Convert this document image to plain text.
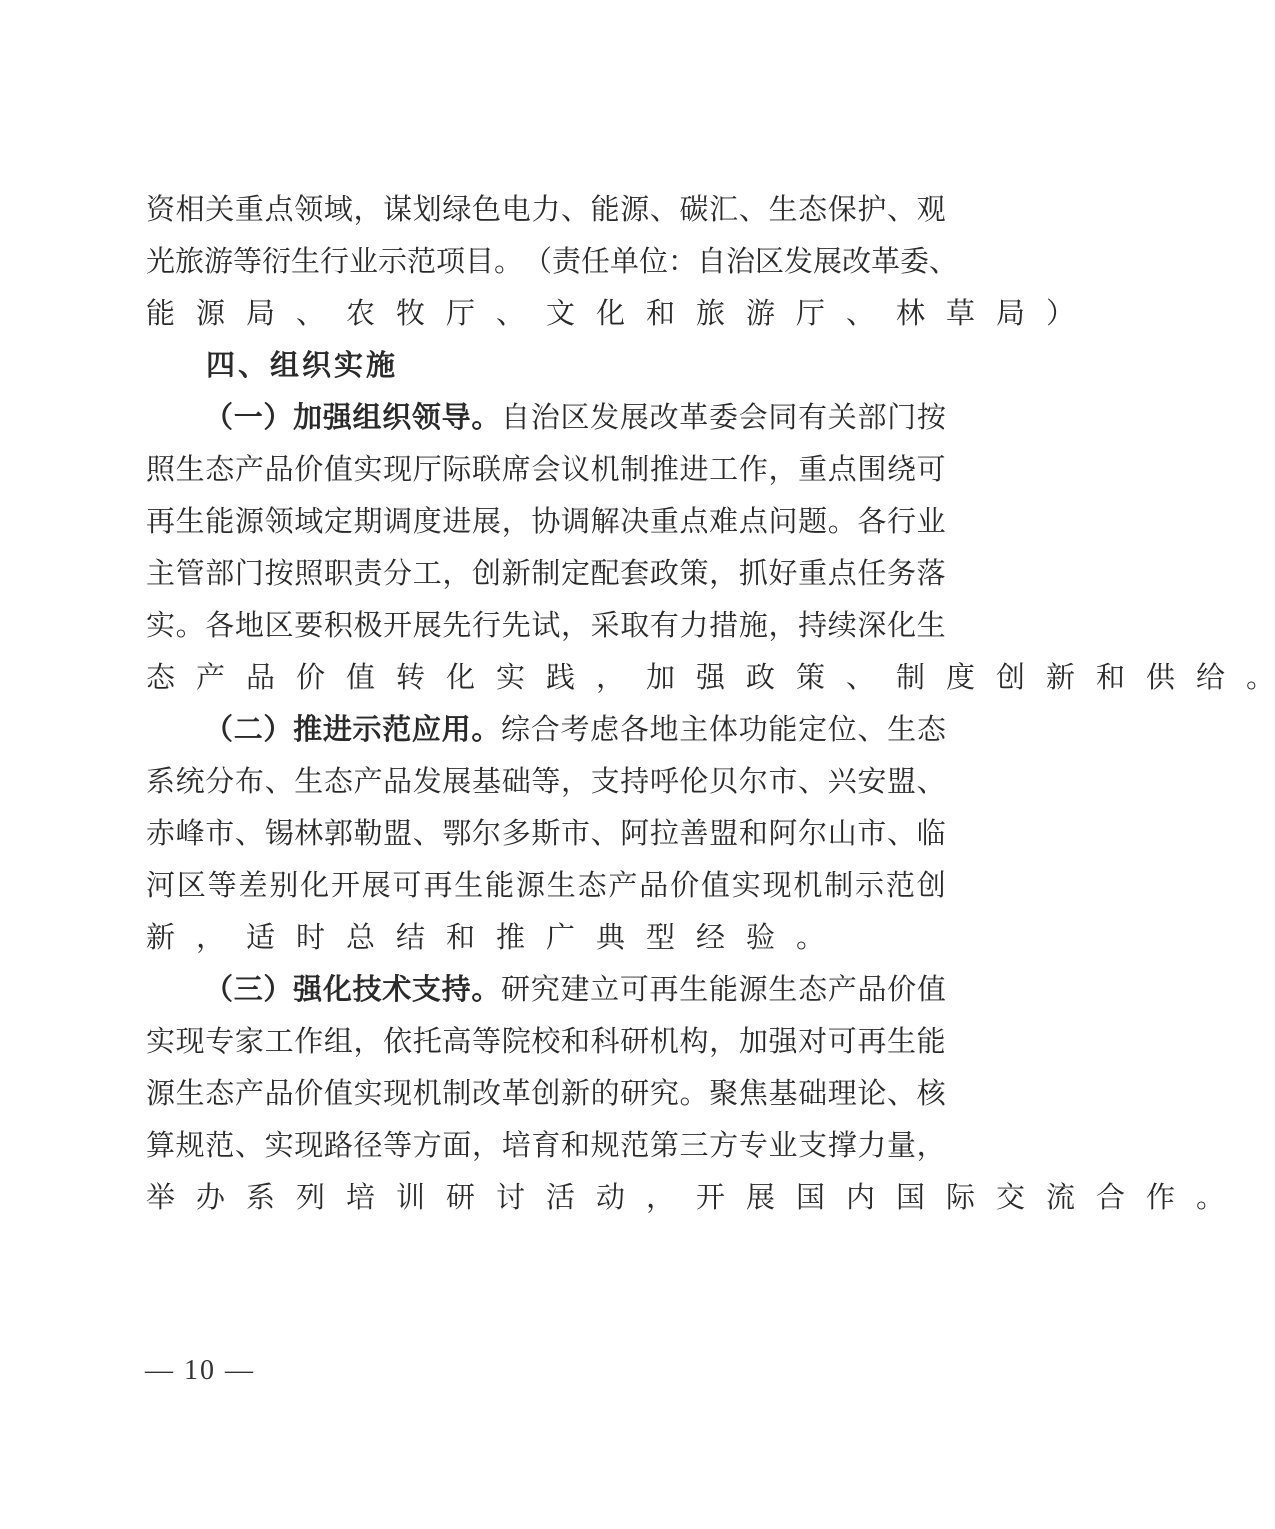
资 相 关 重 点 领 域 ， 谋 划 绿 色 电 力 、 能 源 、 碳 汇 、 生 态 保 护 、 观
光 旅 游 等 衍 生 行 业 示 范 项 目 。 （ 责 任 单 位 ： 自 治 区 发 展 改 革 委 、
能 源 局 、 农 牧 厅 、 文 化 和 旅 游 厅 、 林 草 局 ）
四、组织实施
（ 一 ） 加 强 组 织 领 导 。 自 治 区 发 展 改 革 委 会 同 有 关 部 门 按
照 生 态 产 品 价 值 实 现 厅 际 联 席 会 议 机 制 推 进 工 作 ， 重 点 围 绕 可
再 生 能 源 领 域 定 期 调 度 进 展 ， 协 调 解 决 重 点 难 点 问 题 。 各 行 业
主 管 部 门 按 照 职 责 分 工 ， 创 新 制 定 配 套 政 策 ， 抓 好 重 点 任 务 落
实 。 各 地 区 要 积 极 开 展 先 行 先 试 ， 采 取 有 力 措 施 ， 持 续 深 化 生
态 产 品 价 值 转 化 实 践 ， 加 强 政 策 、 制 度 创 新 和 供 给 。
（ 二 ） 推 进 示 范 应 用 。 综 合 考 虑 各 地 主 体 功 能 定 位 、 生 态
系 统 分 布 、 生 态 产 品 发 展 基 础 等 ， 支 持 呼 伦 贝 尔 市 、 兴 安 盟 、
赤 峰 市 、 锡 林 郭 勒 盟 、 鄂 尔 多 斯 市 、 阿 拉 善 盟 和 阿 尔 山 市 、 临
河 区 等 差 别 化 开 展 可 再 生 能 源 生 态 产 品 价 值 实 现 机 制 示 范 创
新 ， 适 时 总 结 和 推 广 典 型 经 验 。
（ 三 ） 强 化 技 术 支 持 。 研 究 建 立 可 再 生 能 源 生 态 产 品 价 值
实 现 专 家 工 作 组 ， 依 托 高 等 院 校 和 科 研 机 构 ， 加 强 对 可 再 生 能
源 生 态 产 品 价 值 实 现 机 制 改 革 创 新 的 研 究 。 聚 焦 基 础 理 论 、 核
算 规 范 、 实 现 路 径 等 方 面 ， 培 育 和 规 范 第 三 方 专 业 支 撑 力 量 ，
举 办 系 列 培 训 研 讨 活 动 ， 开 展 国 内 国 际 交 流 合 作 。
— 10 —
